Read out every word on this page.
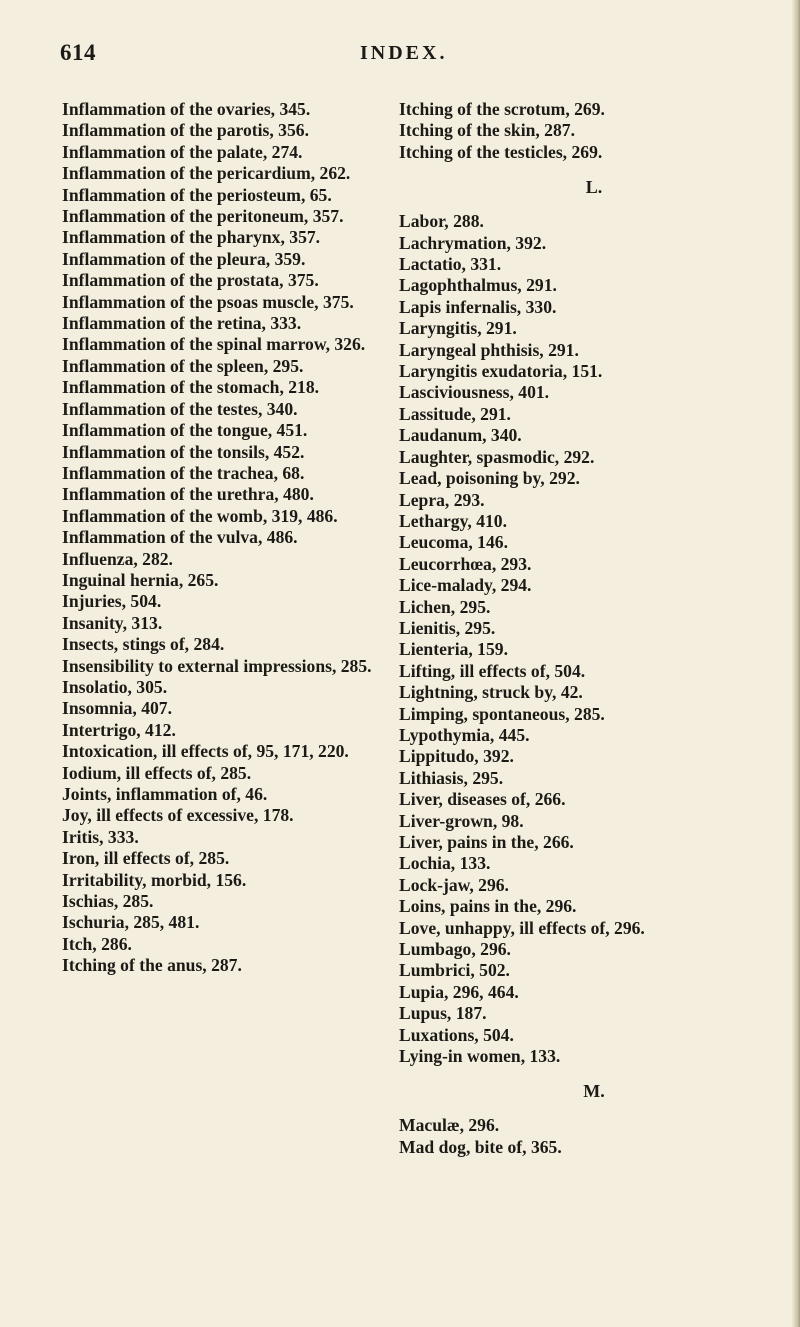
614	INDEX.
Inflammation of the ovaries, 345.
Inflammation of the parotis, 356.
Inflammation of the palate, 274.
Inflammation of the pericardium, 262.
Inflammation of the periosteum, 65.
Inflammation of the peritoneum, 357.
Inflammation of the pharynx, 357.
Inflammation of the pleura, 359.
Inflammation of the prostata, 375.
Inflammation of the psoas muscle, 375.
Inflammation of the retina, 333.
Inflammation of the spinal marrow, 326.
Inflammation of the spleen, 295.
Inflammation of the stomach, 218.
Inflammation of the testes, 340.
Inflammation of the tongue, 451.
Inflammation of the tonsils, 452.
Inflammation of the trachea, 68.
Inflammation of the urethra, 480.
Inflammation of the womb, 319, 486.
Inflammation of the vulva, 486.
Influenza, 282.
Inguinal hernia, 265.
Injuries, 504.
Insanity, 313.
Insects, stings of, 284.
Insensibility to external impressions, 285.
Insolatio, 305.
Insomnia, 407.
Intertrigo, 412.
Intoxication, ill effects of, 95, 171, 220.
Iodium, ill effects of, 285.
Joints, inflammation of, 46.
Joy, ill effects of excessive, 178.
Iritis, 333.
Iron, ill effects of, 285.
Irritability, morbid, 156.
Ischias, 285.
Ischuria, 285, 481.
Itch, 286.
Itching of the anus, 287.
Itching of the scrotum, 269.
Itching of the skin, 287.
Itching of the testicles, 269.
L.
Labor, 288.
Lachrymation, 392.
Lactatio, 331.
Lagophthalmus, 291.
Lapis infernalis, 330.
Laryngitis, 291.
Laryngeal phthisis, 291.
Laryngitis exudatoria, 151.
Lasciviousness, 401.
Lassitude, 291.
Laudanum, 340.
Laughter, spasmodic, 292.
Lead, poisoning by, 292.
Lepra, 293.
Lethargy, 410.
Leucoma, 146.
Leucorrhœa, 293.
Lice-malady, 294.
Lichen, 295.
Lienitis, 295.
Lienteria, 159.
Lifting, ill effects of, 504.
Lightning, struck by, 42.
Limping, spontaneous, 285.
Lypothymia, 445.
Lippitudo, 392.
Lithiasis, 295.
Liver, diseases of, 266.
Liver-grown, 98.
Liver, pains in the, 266.
Lochia, 133.
Lock-jaw, 296.
Loins, pains in the, 296.
Love, unhappy, ill effects of, 296.
Lumbago, 296.
Lumbrici, 502.
Lupia, 296, 464.
Lupus, 187.
Luxations, 504.
Lying-in women, 133.
M.
Maculæ, 296.
Mad dog, bite of, 365.
